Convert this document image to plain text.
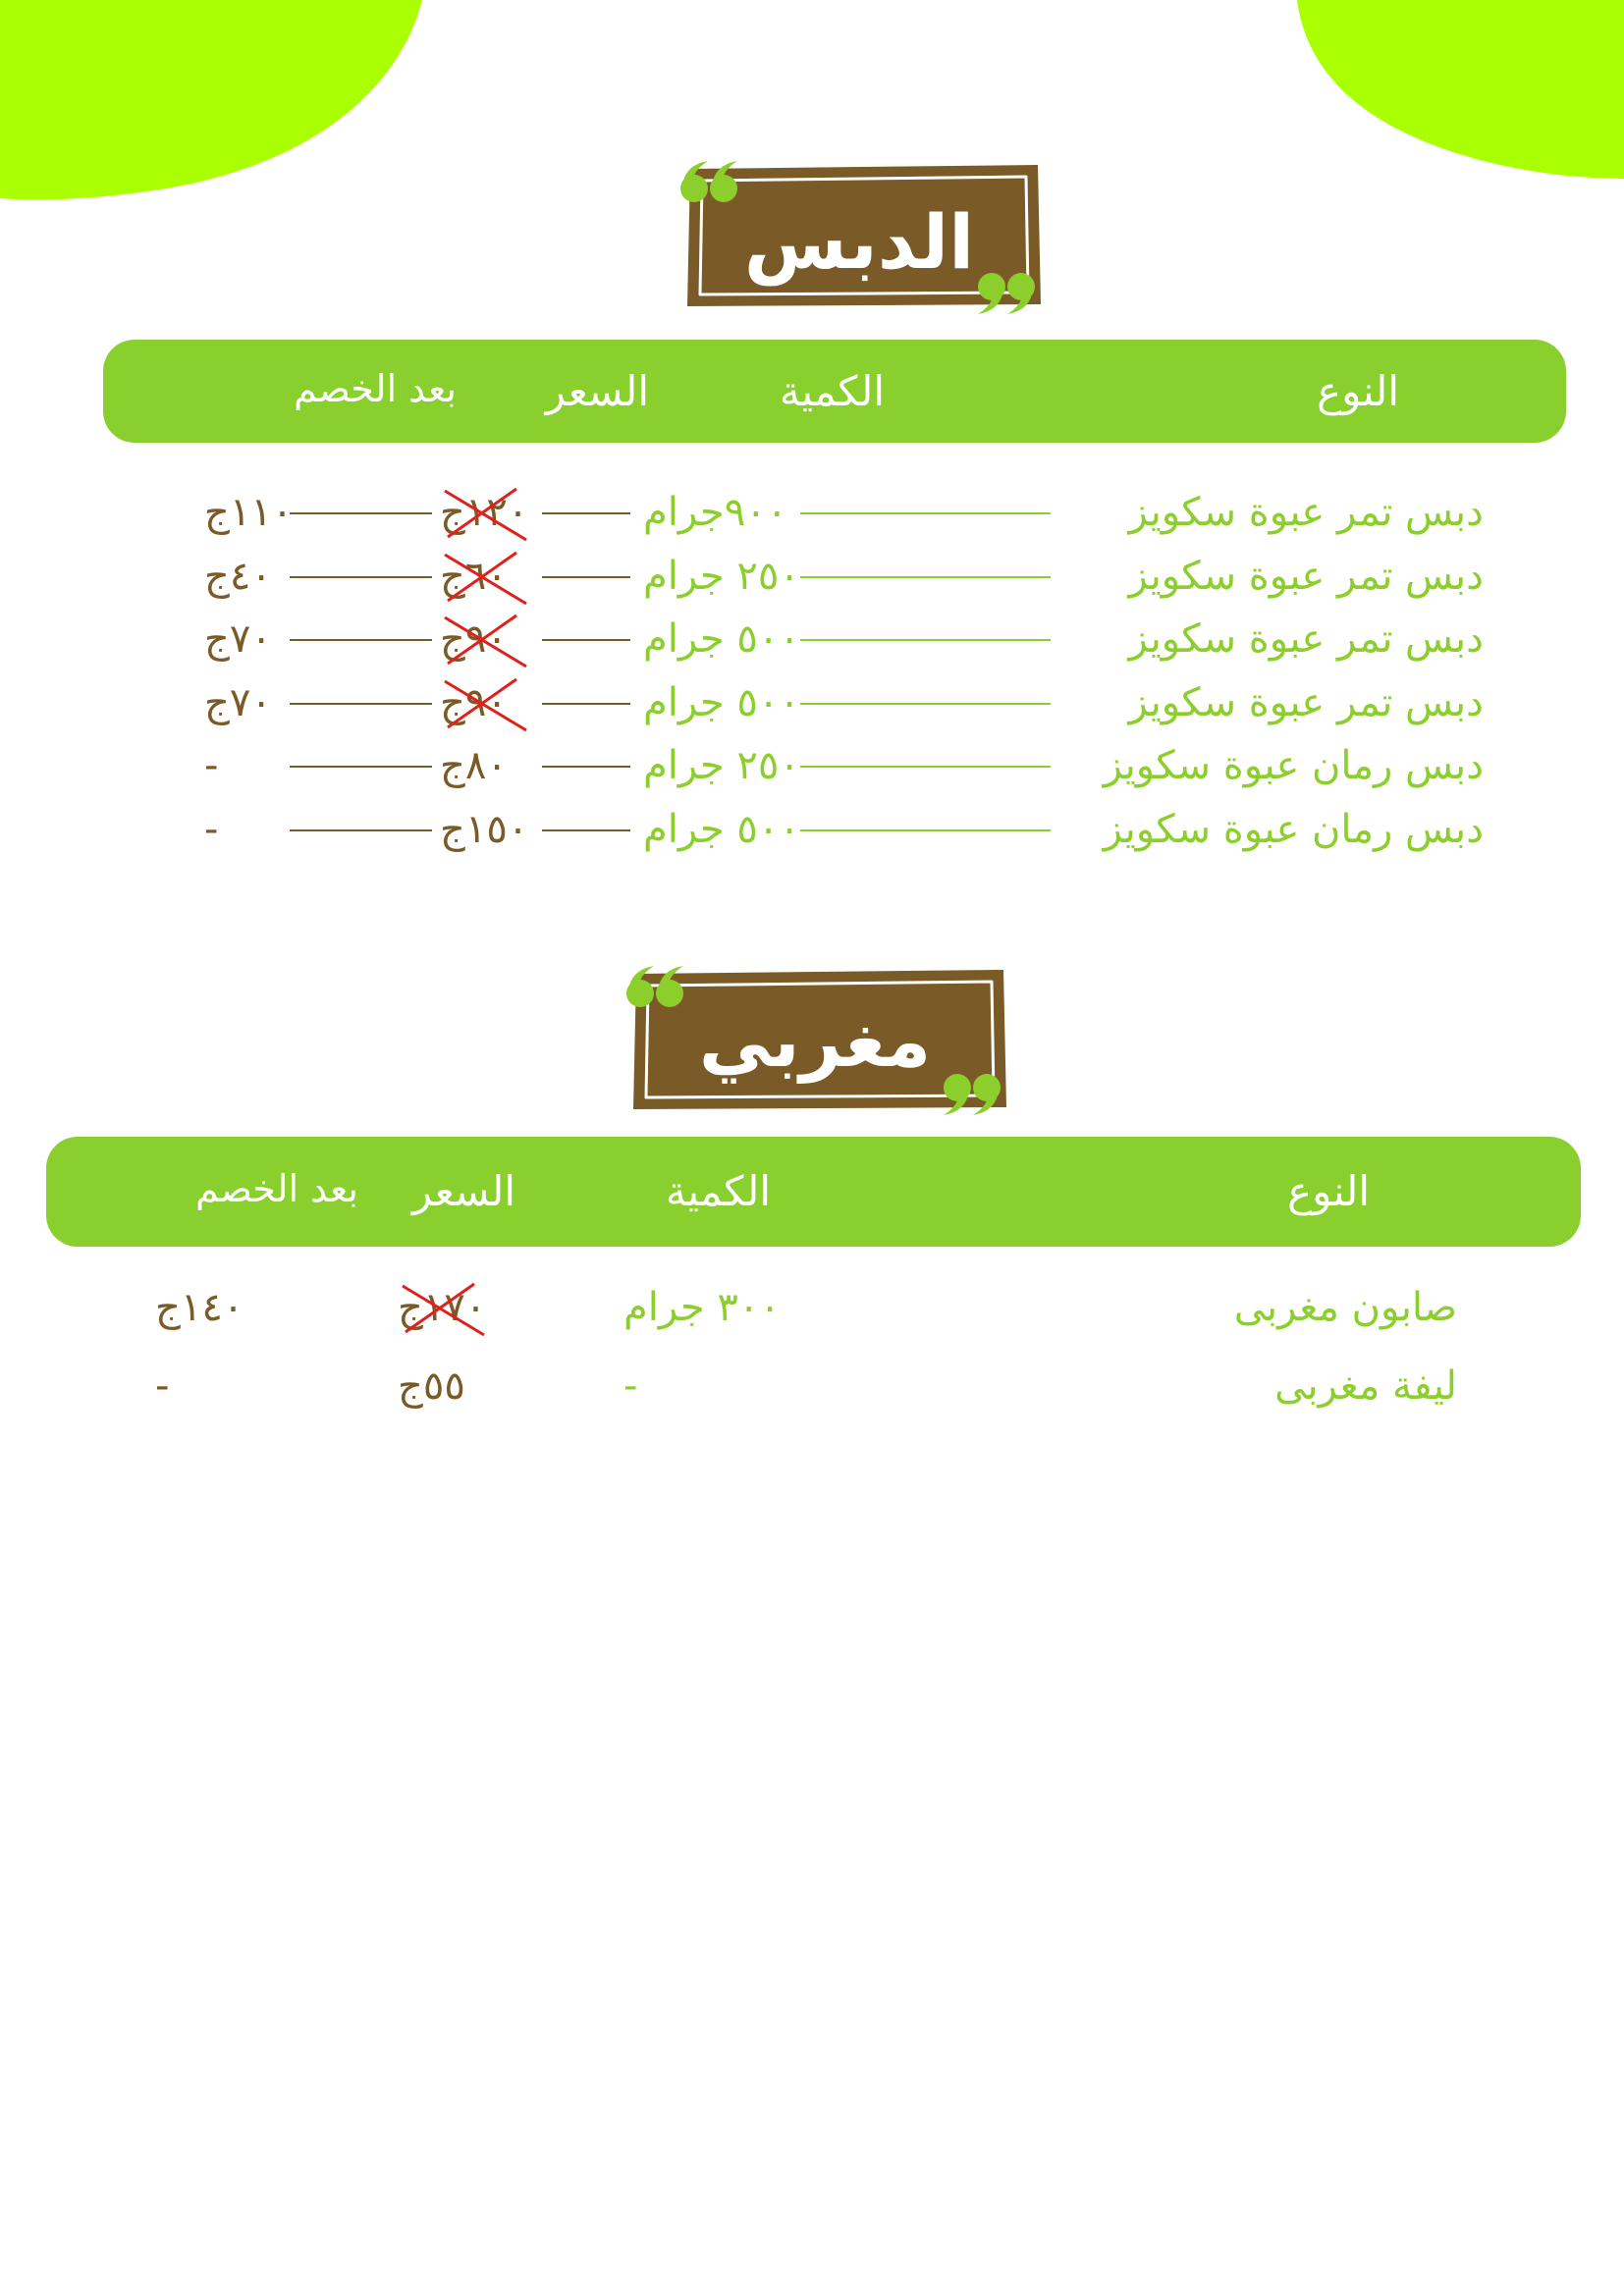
الدبس
النوع
الكمية
السعر
بعد الخصم
دبس تمر عبوة سكويز
٩٠٠جرام
١٢٠ج
١١٠ج
دبس تمر عبوة سكويز
٢٥٠ جرام
٦٠ج
٤٠ج
دبس تمر عبوة سكويز
٥٠٠ جرام
٩٠ج
٧٠ج
دبس تمر عبوة سكويز
٥٠٠ جرام
٩٠ج
٧٠ج
دبس رمان عبوة سكويز
٢٥٠ جرام
٨٠ج
-
دبس رمان عبوة سكويز
٥٠٠ جرام
١٥٠ج
-
مغربي
النوع
الكمية
السعر
بعد الخصم
صابون مغربى
٣٠٠ جرام
١٧٠ج
١٤٠ج
ليفة مغربى
-
٥٥ج
-
